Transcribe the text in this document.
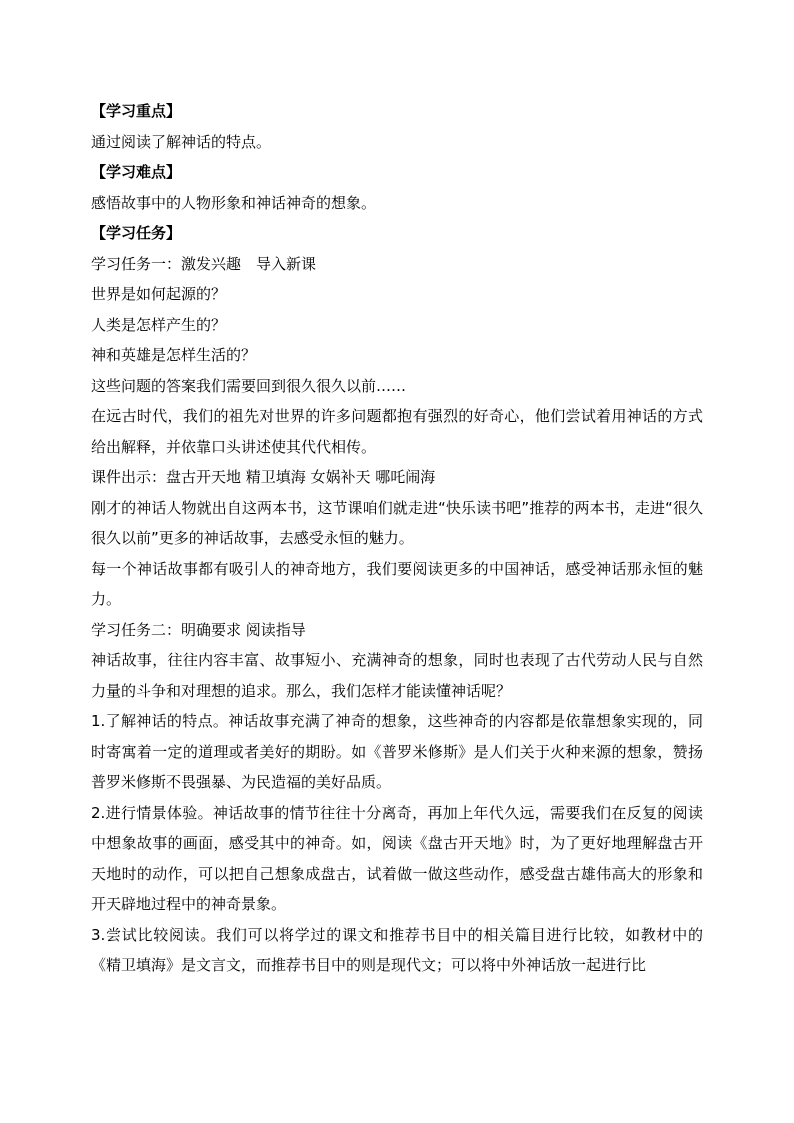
【学习重点】
通过阅读了解神话的特点。
【学习难点】
感悟故事中的人物形象和神话神奇的想象。
【学习任务】
学习任务一：激发兴趣　导入新课
世界是如何起源的？
人类是怎样产生的？
神和英雄是怎样生活的？
这些问题的答案我们需要回到很久很久以前……

在远古时代，我们的祖先对世界的许多问题都抱有强烈的好奇心，他们尝试着用神话的方式给出解释，并依靠口头讲述使其代代相传。

课件出示：盘古开天地 精卫填海 女娲补天 哪吒闹海

刚才的神话人物就出自这两本书，这节课咱们就走进“快乐读书吧”推荐的两本书，走进“很久很久以前”更多的神话故事，去感受永恒的魅力。

每一个神话故事都有吸引人的神奇地方，我们要阅读更多的中国神话，感受神话那永恒的魅力。

学习任务二：明确要求 阅读指导

神话故事，往往内容丰富、故事短小、充满神奇的想象，同时也表现了古代劳动人民与自然力量的斗争和对理想的追求。那么，我们怎样才能读懂神话呢？

1.了解神话的特点。神话故事充满了神奇的想象，这些神奇的内容都是依靠想象实现的，同时寄寓着一定的道理或者美好的期盼。如《普罗米修斯》是人们关于火种来源的想象，赞扬普罗米修斯不畏强暴、为民造福的美好品质。

2.进行情景体验。神话故事的情节往往十分离奇，再加上年代久远，需要我们在反复的阅读中想象故事的画面，感受其中的神奇。如，阅读《盘古开天地》时，为了更好地理解盘古开天地时的动作，可以把自己想象成盘古，试着做一做这些动作，感受盘古雄伟高大的形象和开天辟地过程中的神奇景象。

3.尝试比较阅读。我们可以将学过的课文和推荐书目中的相关篇目进行比较，如教材中的《精卫填海》是文言文，而推荐书目中的则是现代文；可以将中外神话放一起进行比
